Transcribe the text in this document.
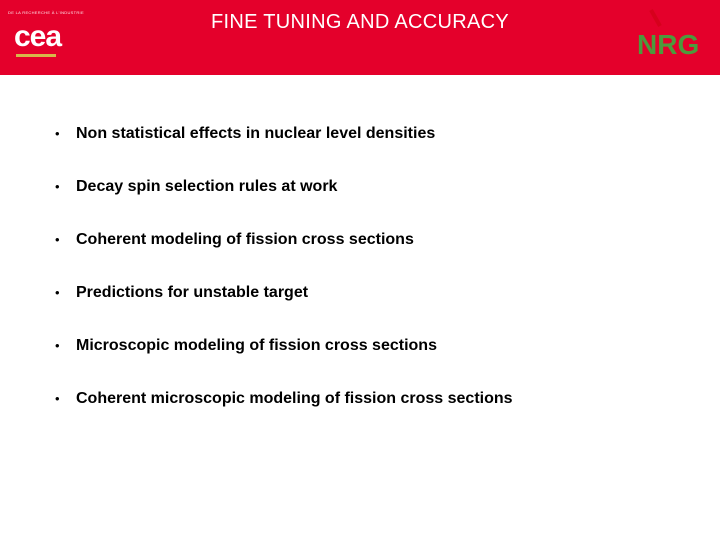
DE LA RECHERCHE À L'INDUSTRIE
cea	FINE TUNING AND ACCURACY
NRG
• Non statistical effects in nuclear level densities
• Decay spin selection rules at work
• Coherent modeling of fission cross sections
• Predictions for unstable target
• Microscopic modeling of fission cross sections
• Coherent microscopic modeling of fission cross sections
